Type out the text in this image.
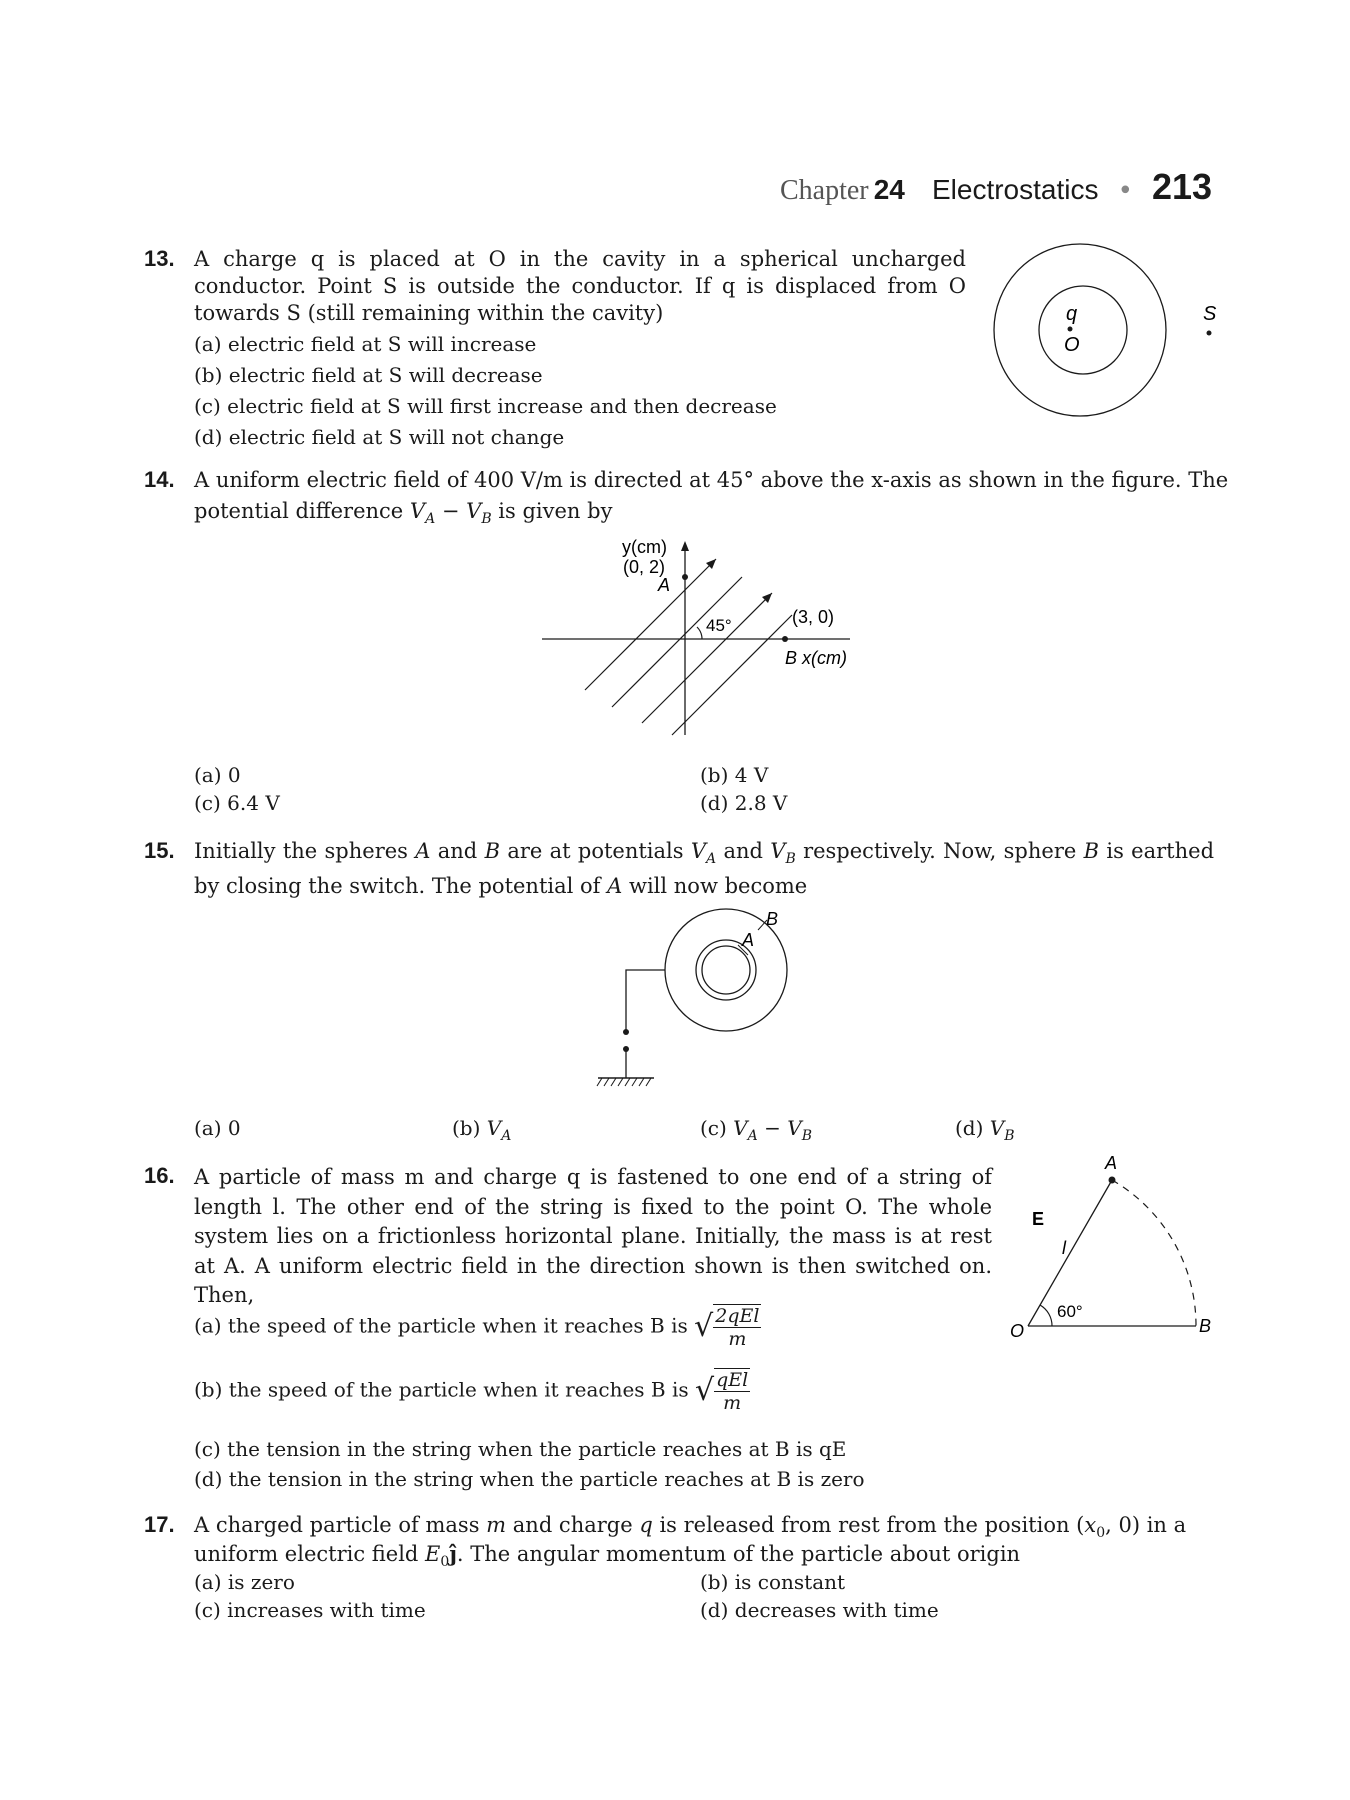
Chapter 24 Electrostatics • 213
13. A charge q is placed at O in the cavity in a spherical uncharged conductor. Point S is outside the conductor. If q is displaced from O towards S (still remaining within the cavity)
(a) electric field at S will increase
(b) electric field at S will decrease
(c) electric field at S will first increase and then decrease
(d) electric field at S will not change
q
O
S
14. A uniform electric field of 400 V/m is directed at 45° above the x-axis as shown in the figure. The
potential difference $V_A - V_B$ is given by
y(cm)
(0, 2)
A
45°	(3, 0)
B x(cm)
(a) 0	(b) 4 V
(c) 6.4 V	(d) 2.8 V
15. Initially the spheres A and B are at potentials $V_A$ and $V_B$ respectively. Now, sphere B is earthed by closing the switch. The potential of A will now become
B
A
(a) 0	(b) $V_A$	(c) $V_A - V_B$	(d) $V_B$
16. A particle of mass m and charge q is fastened to one end of a string of length l. The other end of the string is fixed to the point O. The whole system lies on a frictionless horizontal plane. Initially, the mass is at rest at A. A uniform electric field in the direction shown is then switched on. Then,
(a) the speed of the particle when it reaches B is √ $\frac{\text{2qEl}}{m}$
(b) the speed of the particle when it reaches B is √ $\frac{\text{qEl}}{m}$
(c) the tension in the string when the particle reaches at B is qE
(d) the tension in the string when the particle reaches at B is zero
E
l
60°
O
A
B
17. A charged particle of mass m and charge q is released from rest from the position ($x_0$, 0) in a
uniform electric field $E_0ĵ$. The angular momentum of the particle about origin
(a) is zero	(b) is constant
(c) increases with time	(d) decreases with time
